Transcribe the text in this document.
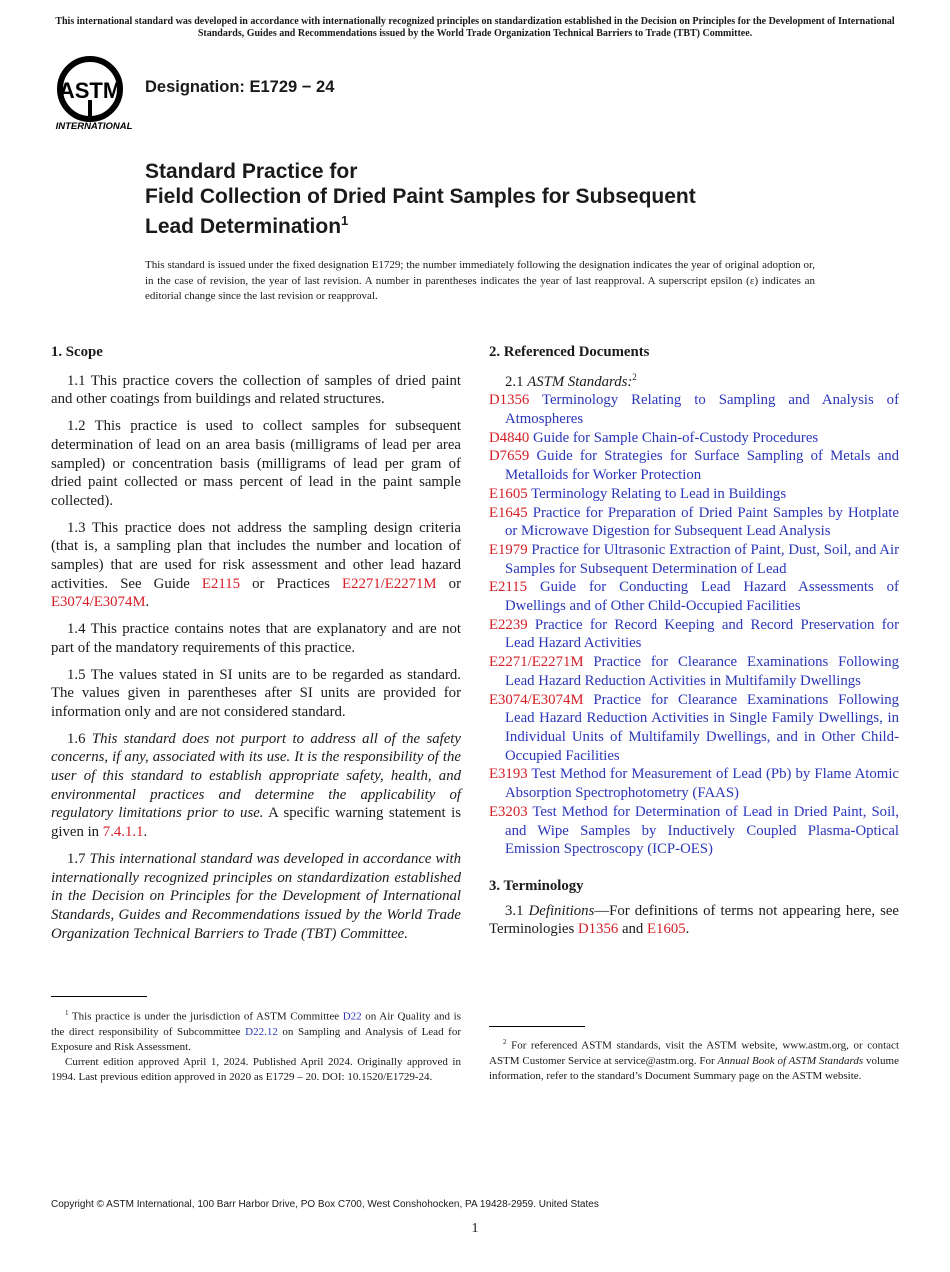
This international standard was developed in accordance with internationally recognized principles on standardization established in the Decision on Principles for the Development of International Standards, Guides and Recommendations issued by the World Trade Organization Technical Barriers to Trade (TBT) Committee.
ASTM
INTERNATIONAL
Designation: E1729 − 24
Standard Practice for
Field Collection of Dried Paint Samples for Subsequent
Lead Determination$^1$
This standard is issued under the fixed designation E1729; the number immediately following the designation indicates the year of original adoption or, in the case of revision, the year of last revision. A number in parentheses indicates the year of last reapproval. A superscript epsilon (ε) indicates an editorial change since the last revision or reapproval.
1. Scope

1.1 This practice covers the collection of samples of dried paint and other coatings from buildings and related structures.

1.2 This practice is used to collect samples for subsequent determination of lead on an area basis (milligrams of lead per area sampled) or concentration basis (milligrams of lead per gram of dried paint collected or mass percent of lead in the paint sample collected).

1.3 This practice does not address the sampling design criteria (that is, a sampling plan that includes the number and location of samples) that are used for risk assessment and other lead hazard activities. See Guide E2115 or Practices E2271/E2271M or E3074/E3074M.

1.4 This practice contains notes that are explanatory and are not part of the mandatory requirements of this practice.

1.5 The values stated in SI units are to be regarded as standard. The values given in parentheses after SI units are provided for information only and are not considered standard.

1.6 This standard does not purport to address all of the safety concerns, if any, associated with its use. It is the responsibility of the user of this standard to establish appropriate safety, health, and environmental practices and determine the applicability of regulatory limitations prior to use. A specific warning statement is given in 7.4.1.1.

1.7 This international standard was developed in accordance with internationally recognized principles on standardization established in the Decision on Principles for the Development of International Standards, Guides and Recommendations issued by the World Trade Organization Technical Barriers to Trade (TBT) Committee.

$^1$ This practice is under the jurisdiction of ASTM Committee D22 on Air Quality and is the direct responsibility of Subcommittee D22.12 on Sampling and Analysis of Lead for Exposure and Risk Assessment.

Current edition approved April 1, 2024. Published April 2024. Originally approved in 1994. Last previous edition approved in 2020 as E1729 – 20. DOI: 10.1520/E1729-24.

2. Referenced Documents

2.1 ASTM Standards:$^2$

D1356 Terminology Relating to Sampling and Analysis of Atmospheres

D4840 Guide for Sample Chain-of-Custody Procedures

D7659 Guide for Strategies for Surface Sampling of Metals and Metalloids for Worker Protection

E1605 Terminology Relating to Lead in Buildings

E1645 Practice for Preparation of Dried Paint Samples by Hotplate or Microwave Digestion for Subsequent Lead Analysis

E1979 Practice for Ultrasonic Extraction of Paint, Dust, Soil, and Air Samples for Subsequent Determination of Lead

E2115 Guide for Conducting Lead Hazard Assessments of Dwellings and of Other Child-Occupied Facilities

E2239 Practice for Record Keeping and Record Preservation for Lead Hazard Activities

E2271/E2271M Practice for Clearance Examinations Following Lead Hazard Reduction Activities in Multifamily Dwellings

E3074/E3074M Practice for Clearance Examinations Following Lead Hazard Reduction Activities in Single Family Dwellings, in Individual Units of Multifamily Dwellings, and in Other Child-Occupied Facilities

E3193 Test Method for Measurement of Lead (Pb) by Flame Atomic Absorption Spectrophotometry (FAAS)

E3203 Test Method for Determination of Lead in Dried Paint, Soil, and Wipe Samples by Inductively Coupled Plasma-Optical Emission Spectroscopy (ICP-OES)

3. Terminology

3.1 Definitions—For definitions of terms not appearing here, see Terminologies D1356 and E1605.

$^2$ For referenced ASTM standards, visit the ASTM website, www.astm.org, or contact ASTM Customer Service at service@astm.org. For Annual Book of ASTM Standards volume information, refer to the standard’s Document Summary page on the ASTM website.

Copyright © ASTM International, 100 Barr Harbor Drive, PO Box C700, West Conshohocken, PA 19428-2959. United States
1
